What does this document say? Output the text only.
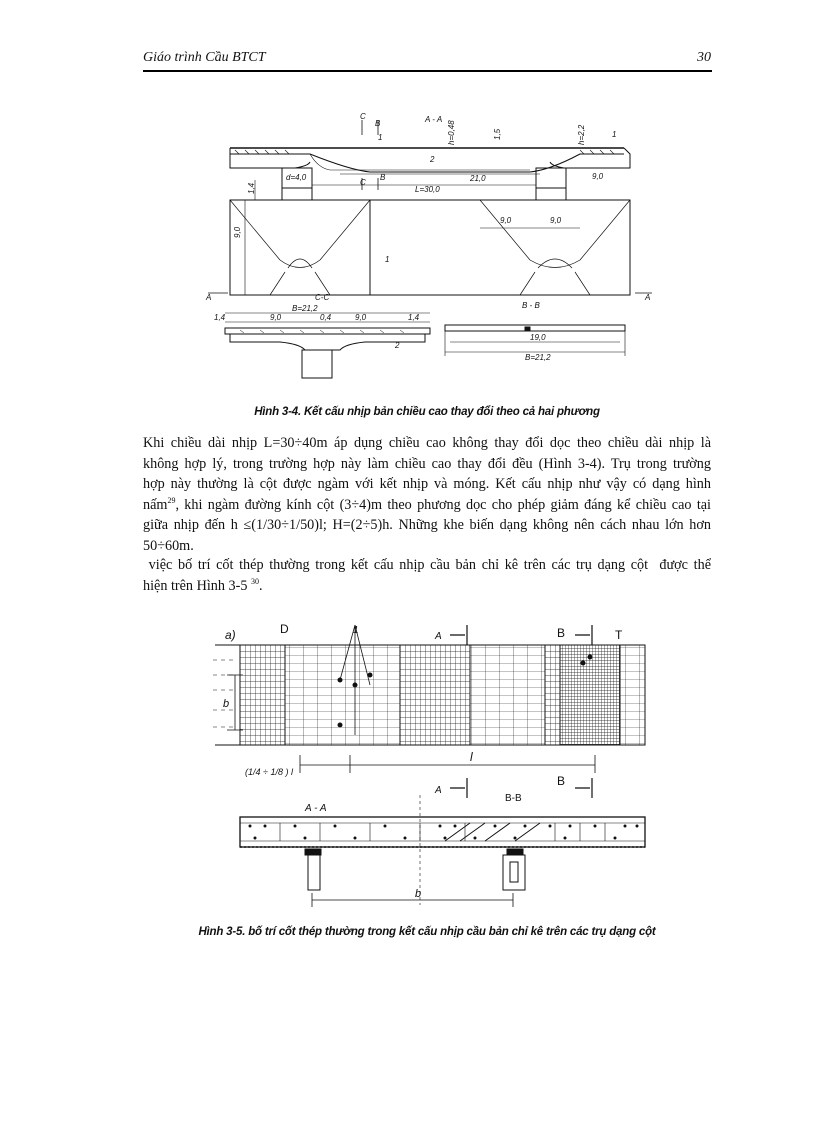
Giáo trình Cầu BTCT	30
A - A
C
C
B
B
h=0,48	1,5	h=2,2
d=4,0	21,0	9,0
L=30,0
1,4
9,0
9,0	9,0
1	1
1
2
A	A
C-C
B=21,2
1,4	9,0	0,4	9,0	1,4
2
B - B
19,0
B=21,2
Hình 3-4. Kết cấu nhịp bản chiều cao thay đổi theo cả hai phương
Khi chiều dài nhịp L=30÷40m áp dụng chiều cao không thay đổi dọc theo chiều dài nhịp là
không hợp lý, trong trường hợp này làm chiều cao thay đổi đều (Hình 3-4). Trụ trong trường
hợp này thường là cột được ngàm với kết nhịp và móng. Kết cấu nhịp như vậy có dạng hình
nấm$^{29}$, khi ngàm đường kính cột (3÷4)m theo phương dọc cho phép giảm đáng kể chiều cao tại
giữa nhịp đến h ≤(1/30÷1/50)l; H=(2÷5)h. Những khe biến dạng không nên cách nhau lớn hơn
50÷60m.
việc bố trí cốt thép thường trong kết cấu nhịp cầu bản chỉ kê trên các trụ dạng cột  được thể
hiện trên Hình 3-5 $^{30}$.
a)	D	1
A	B	T
b
(1/4 ÷ 1/8 ) l
l
A
B
A - A
B-B
b
Hình 3-5. bố trí cốt thép thường trong kết cấu nhịp cầu bản chỉ kê trên các trụ dạng cột
